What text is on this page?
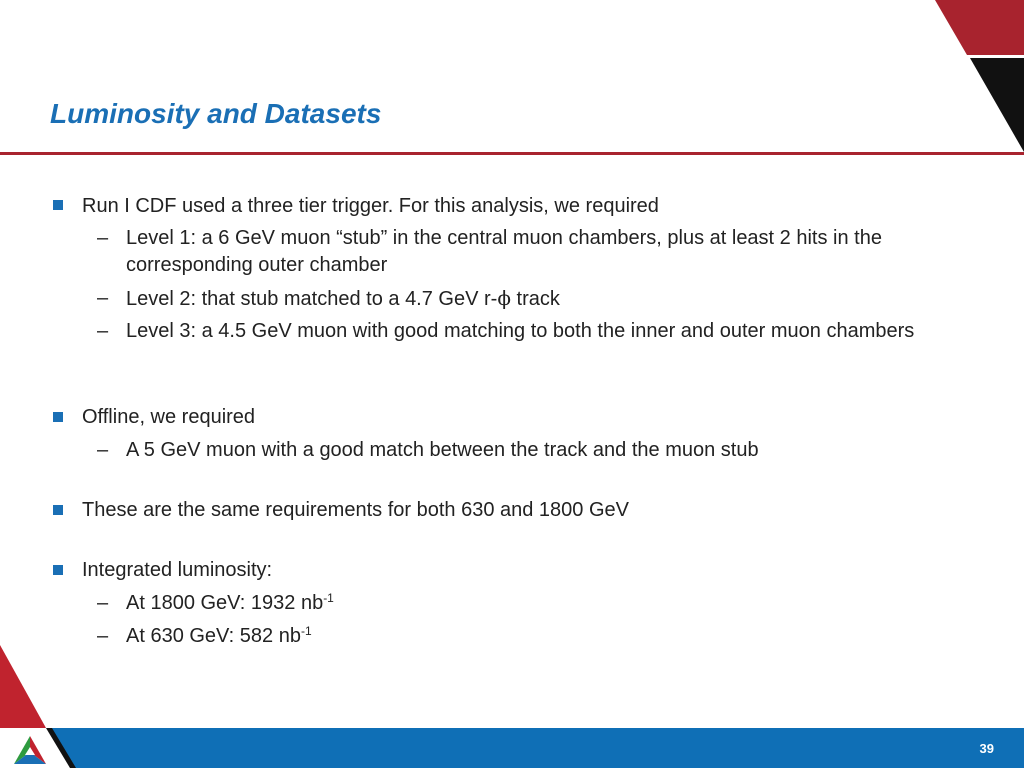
Luminosity and Datasets
Run I CDF used a three tier trigger. For this analysis, we required
– Level 1: a 6 GeV muon “stub” in the central muon chambers, plus at least 2 hits in the corresponding outer chamber
– Level 2: that stub matched to a 4.7 GeV r-ϕ track
– Level 3: a 4.5 GeV muon with good matching to both the inner and outer muon chambers
Offline, we required
– A 5 GeV muon with a good match between the track and the muon stub
These are the same requirements for both 630 and 1800 GeV
Integrated luminosity:
– At 1800 GeV: 1932 $nb^{-1}$
– At 630 GeV: 582 $nb^{-1}$
39
